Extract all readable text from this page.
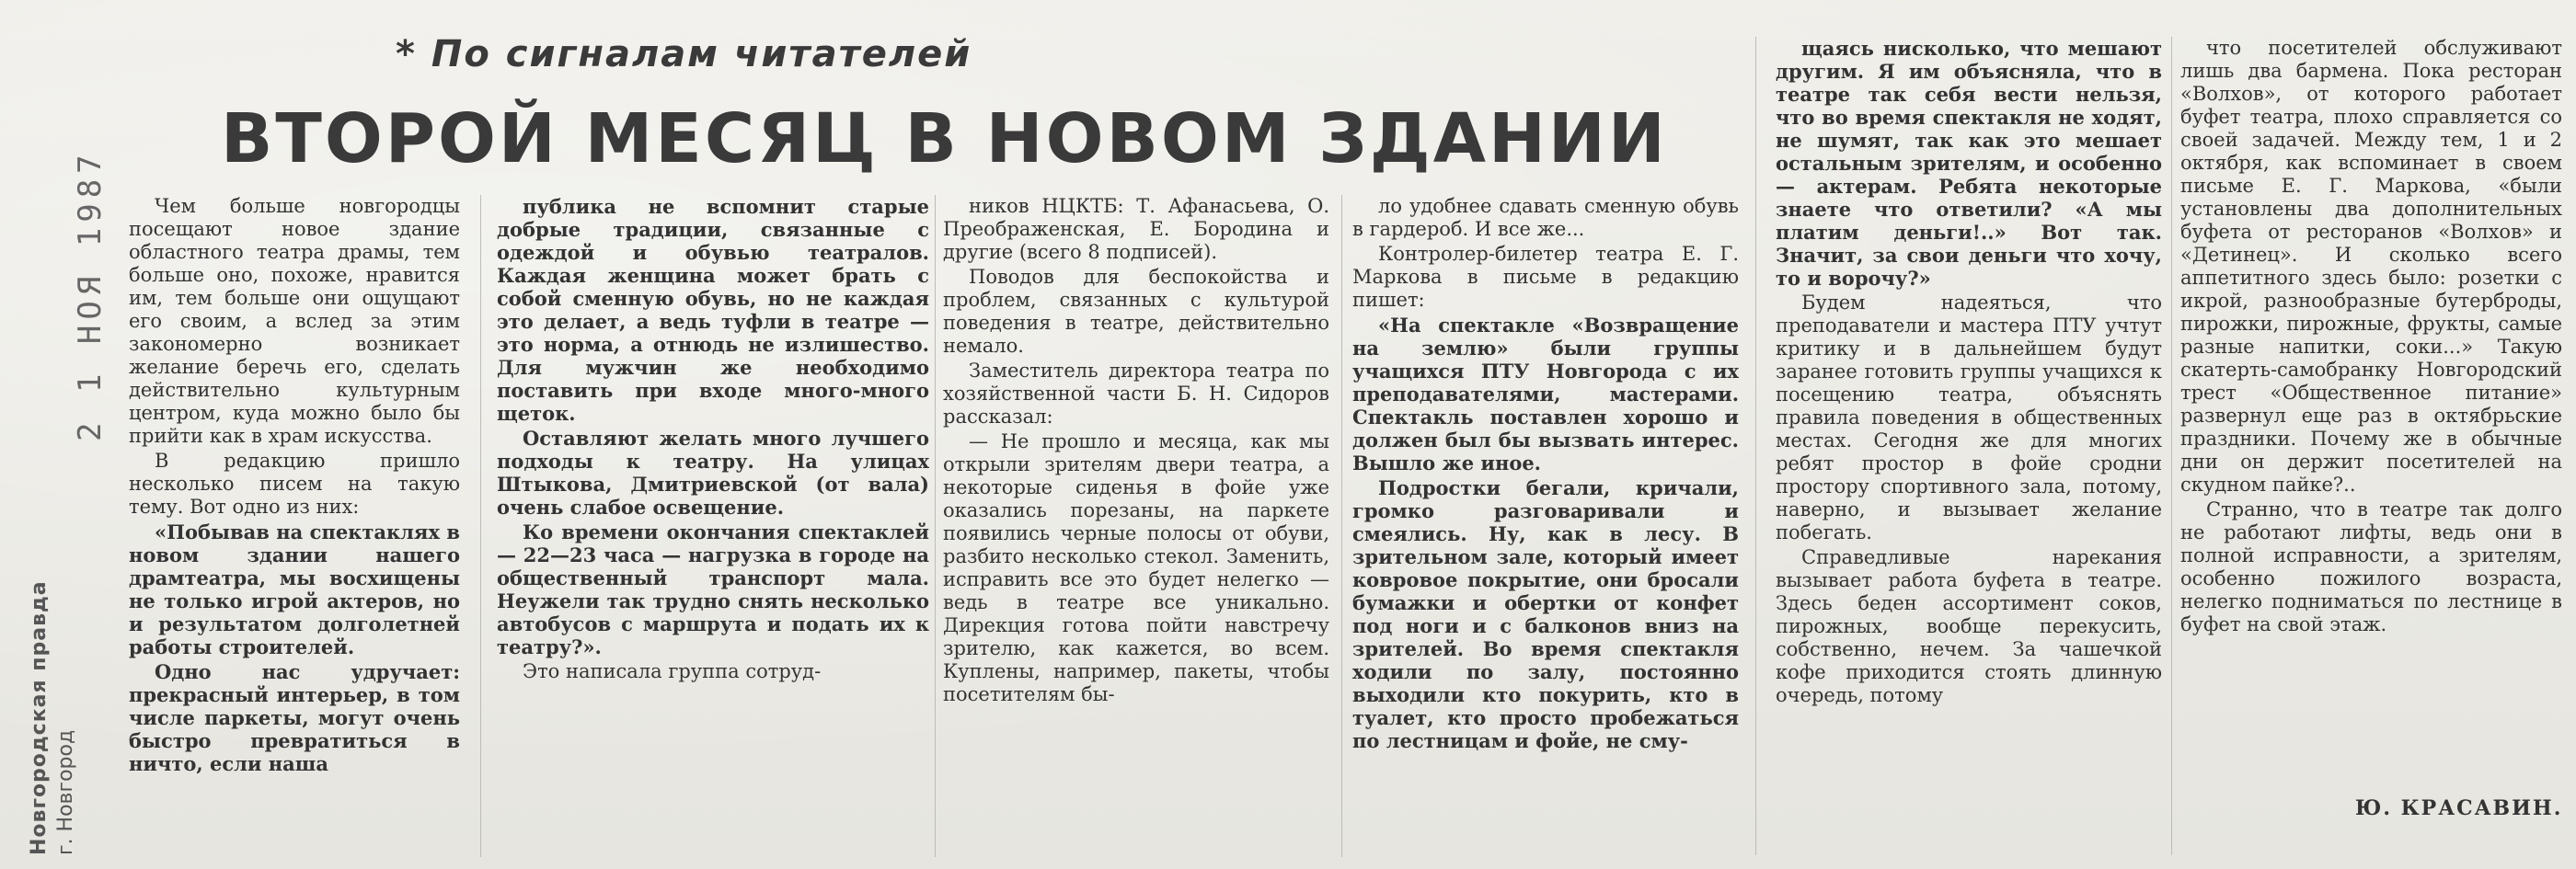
Новгородская правда г. Новгород
2 1 НОЯ 1987
* По сигналам читателей
ВТОРОЙ МЕСЯЦ В НОВОМ ЗДАНИИ

Чем больше новгородцы посещают новое здание областного театра драмы, тем больше оно, похоже, нравится им, тем больше они ощущают его своим, а вслед за этим закономерно возникает желание беречь его, сделать действительно культурным центром, куда можно было бы прийти как в храм искусства.

В редакцию пришло несколько писем на такую тему. Вот одно из них:

«Побывав на спектаклях в новом здании нашего драмтеатра, мы восхищены не только игрой актеров, но и результатом долголетней работы строителей.

Одно нас удручает: прекрасный интерьер, в том числе паркеты, могут очень быстро превратиться в ничто, если наша

публика не вспомнит старые добрые традиции, связанные с одеждой и обувью театралов. Каждая женщина может брать с собой сменную обувь, но не каждая это делает, а ведь туфли в театре — это норма, а отнюдь не излишество. Для мужчин же необходимо поставить при входе много-много щеток.

Оставляют желать много лучшего подходы к театру. На улицах Штыкова, Дмитриевской (от вала) очень слабое освещение.

Ко времени окончания спектаклей — 22—23 часа — нагрузка в городе на общественный транспорт мала. Неужели так трудно снять несколько автобусов с маршрута и подать их к театру?».

Это написала группа сотруд-

ников НЦКТБ: Т. Афанасьева, О. Преображенская, Е. Бородина и другие (всего 8 подписей).

Поводов для беспокойства и проблем, связанных с культурой поведения в театре, действительно немало.

Заместитель директора театра по хозяйственной части Б. Н. Сидоров рассказал:

— Не прошло и месяца, как мы открыли зрителям двери театра, а некоторые сиденья в фойе уже оказались порезаны, на паркете появились черные полосы от обуви, разбито несколько стекол. Заменить, исправить все это будет нелегко — ведь в театре все уникально. Дирекция готова пойти навстречу зрителю, как кажется, во всем. Куплены, например, пакеты, чтобы посетителям бы-

ло удобнее сдавать сменную обувь в гардероб. И все же...

Контролер-билетер театра Е. Г. Маркова в письме в редакцию пишет:

«На спектакле «Возвращение на землю» были группы учащихся ПТУ Новгорода с их преподавателями, мастерами. Спектакль поставлен хорошо и должен был бы вызвать интерес. Вышло же иное.

Подростки бегали, кричали, громко разговаривали и смеялись. Ну, как в лесу. В зрительном зале, который имеет ковровое покрытие, они бросали бумажки и обертки от конфет под ноги и с балконов вниз на зрителей. Во время спектакля ходили по залу, постоянно выходили кто покурить, кто в туалет, кто просто пробежаться по лестницам и фойе, не сму-

щаясь нисколько, что мешают другим. Я им объясняла, что в театре так себя вести нельзя, что во время спектакля не ходят, не шумят, так как это мешает остальным зрителям, и особенно — актерам. Ребята некоторые знаете что ответили? «А мы платим деньги!..» Вот так. Значит, за свои деньги что хочу, то и ворочу?»

Будем надеяться, что преподаватели и мастера ПТУ учтут критику и в дальнейшем будут заранее готовить группы учащихся к посещению театра, объяснять правила поведения в общественных местах. Сегодня же для многих ребят простор в фойе сродни простору спортивного зала, потому, наверно, и вызывает желание побегать.

Справедливые нарекания вызывает работа буфета в театре. Здесь беден ассортимент соков, пирожных, вообще перекусить, собственно, нечем. За чашечкой кофе приходится стоять длинную очередь, потому

что посетителей обслуживают лишь два бармена. Пока ресторан «Волхов», от которого работает буфет театра, плохо справляется со своей задачей. Между тем, 1 и 2 октября, как вспоминает в своем письме Е. Г. Маркова, «были установлены два дополнительных буфета от ресторанов «Волхов» и «Детинец». И сколько всего аппетитного здесь было: розетки с икрой, разнообразные бутерброды, пирожки, пирожные, фрукты, самые разные напитки, соки...» Такую скатерть-самобранку Новгородский трест «Общественное питание» развернул еще раз в октябрьские праздники. Почему же в обычные дни он держит посетителей на скудном пайке?..

Странно, что в театре так долго не работают лифты, ведь они в полной исправности, а зрителям, особенно пожилого возраста, нелегко подниматься по лестнице в буфет на свой этаж.

Ю. КРАСАВИН.
